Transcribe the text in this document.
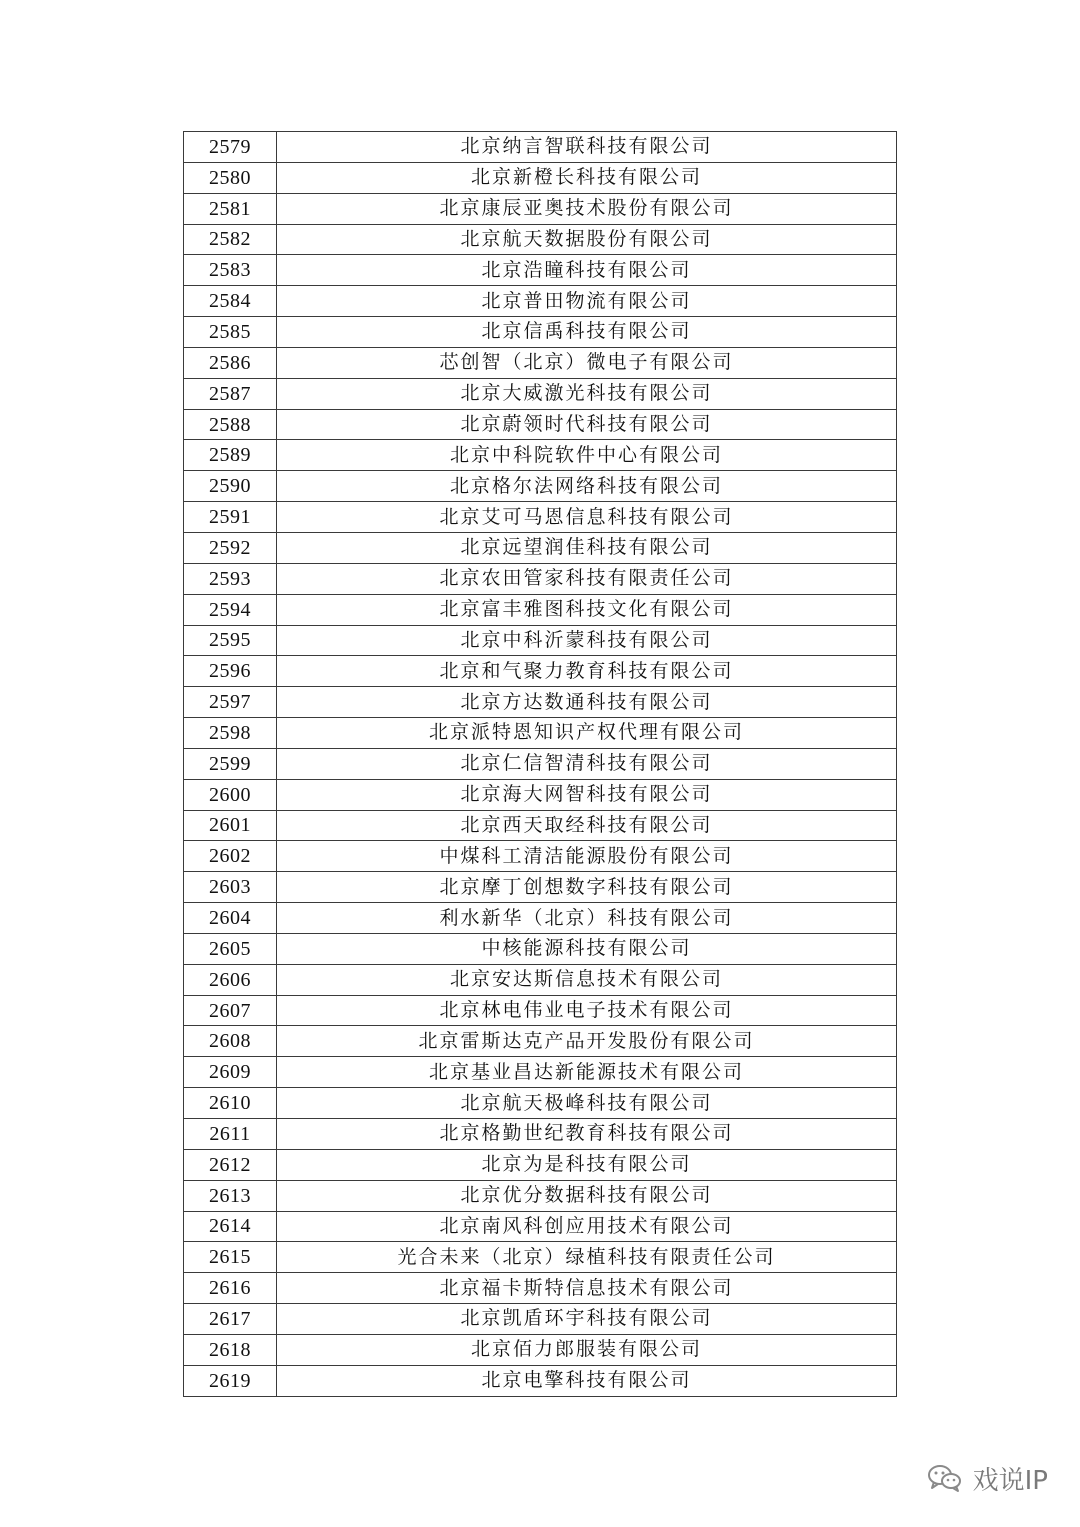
2579	北京纳言智联科技有限公司
2580	北京新橙长科技有限公司
2581	北京康辰亚奥技术股份有限公司
2582	北京航天数据股份有限公司
2583	北京浩瞳科技有限公司
2584	北京普田物流有限公司
2585	北京信禹科技有限公司
2586	芯创智（北京）微电子有限公司
2587	北京大威激光科技有限公司
2588	北京蔚领时代科技有限公司
2589	北京中科院软件中心有限公司
2590	北京格尔法网络科技有限公司
2591	北京艾可马恩信息科技有限公司
2592	北京远望润佳科技有限公司
2593	北京农田管家科技有限责任公司
2594	北京富丰雅图科技文化有限公司
2595	北京中科沂蒙科技有限公司
2596	北京和气聚力教育科技有限公司
2597	北京方达数通科技有限公司
2598	北京派特恩知识产权代理有限公司
2599	北京仁信智清科技有限公司
2600	北京海大网智科技有限公司
2601	北京西天取经科技有限公司
2602	中煤科工清洁能源股份有限公司
2603	北京摩丁创想数字科技有限公司
2604	利水新华（北京）科技有限公司
2605	中核能源科技有限公司
2606	北京安达斯信息技术有限公司
2607	北京林电伟业电子技术有限公司
2608	北京雷斯达克产品开发股份有限公司
2609	北京基业昌达新能源技术有限公司
2610	北京航天极峰科技有限公司
2611	北京格勤世纪教育科技有限公司
2612	北京为是科技有限公司
2613	北京优分数据科技有限公司
2614	北京南风科创应用技术有限公司
2615	光合未来（北京）绿植科技有限责任公司
2616	北京福卡斯特信息技术有限公司
2617	北京凯盾环宇科技有限公司
2618	北京佰力郎服装有限公司
2619	北京电擎科技有限公司
戏说IP
